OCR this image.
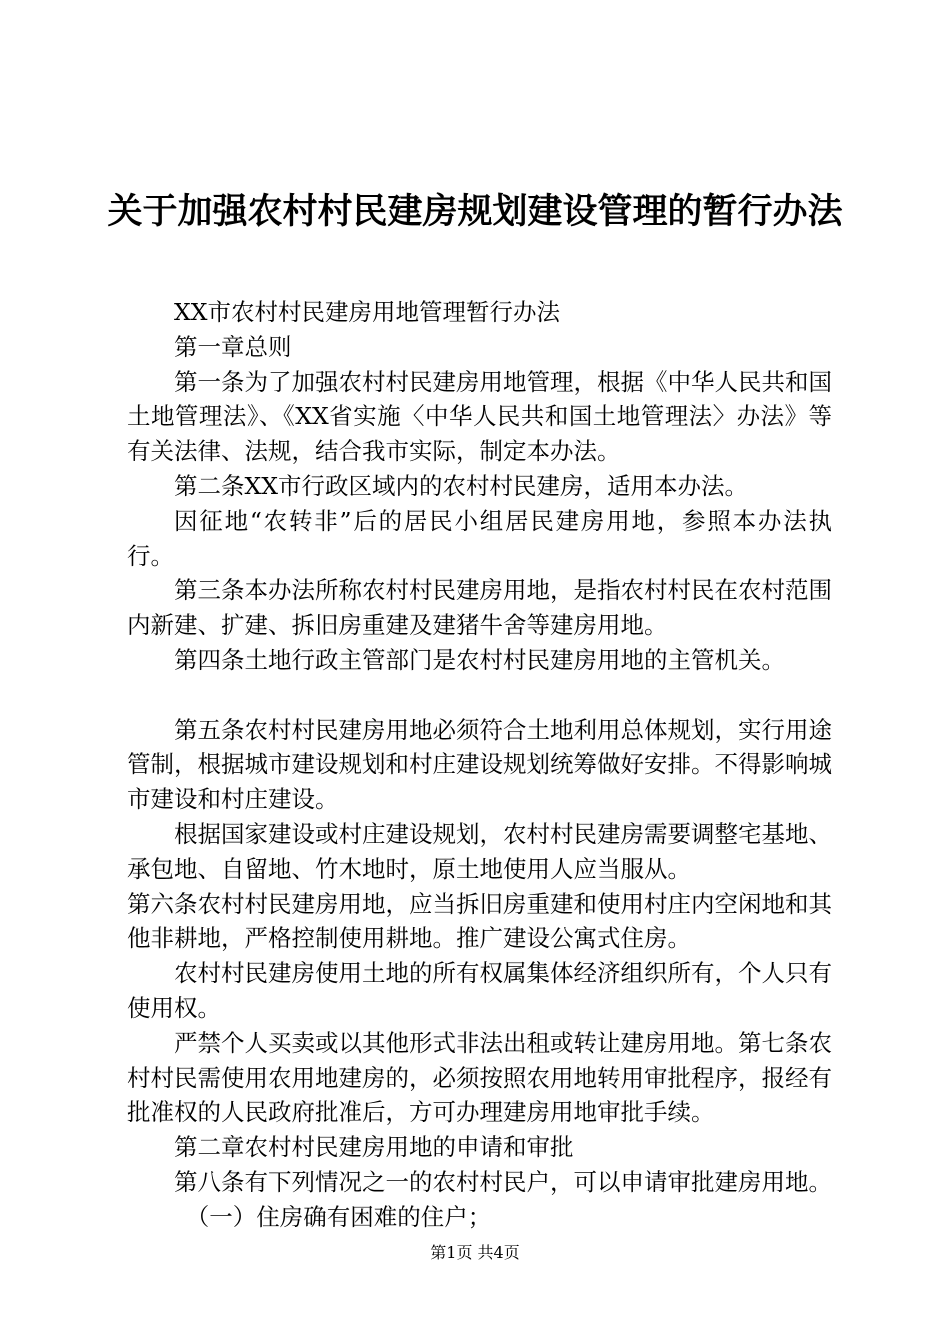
关于加强农村村民建房规划建设管理的暂行办法

XX市农村村民建房用地管理暂行办法

第一章总则

第一条为了加强农村村民建房用地管理，根据《中华人民共和国土地管理法》、《XX省实施〈中华人民共和国土地管理法〉办法》等有关法律、法规，结合我市实际，制定本办法。

第二条XX市行政区域内的农村村民建房，适用本办法。

因征地“农转非”后的居民小组居民建房用地，参照本办法执行。

第三条本办法所称农村村民建房用地，是指农村村民在农村范围内新建、扩建、拆旧房重建及建猪牛舍等建房用地。

第四条土地行政主管部门是农村村民建房用地的主管机关。

第五条农村村民建房用地必须符合土地利用总体规划，实行用途管制，根据城市建设规划和村庄建设规划统筹做好安排。不得影响城市建设和村庄建设。

根据国家建设或村庄建设规划，农村村民建房需要调整宅基地、承包地、自留地、竹木地时，原土地使用人应当服从。

第六条农村村民建房用地，应当拆旧房重建和使用村庄内空闲地和其他非耕地，严格控制使用耕地。推广建设公寓式住房。

农村村民建房使用土地的所有权属集体经济组织所有，个人只有使用权。

严禁个人买卖或以其他形式非法出租或转让建房用地。第七条农村村民需使用农用地建房的，必须按照农用地转用审批程序，报经有批准权的人民政府批准后，方可办理建房用地审批手续。

第二章农村村民建房用地的申请和审批

第八条有下列情况之一的农村村民户，可以申请审批建房用地。

（一）住房确有困难的住户；

第1页 共4页
